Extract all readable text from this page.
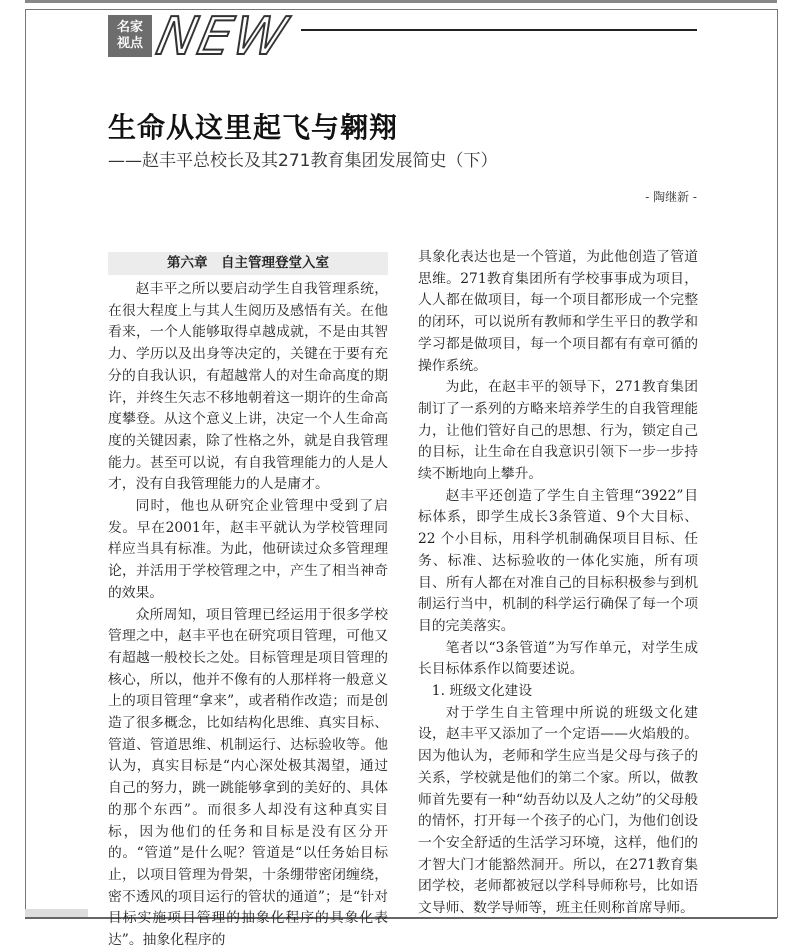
名家
视点 NEW
生命从这里起飞与翱翔
——赵丰平总校长及其271教育集团发展简史（下）
- 陶继新 -
第六章　自主管理登堂入室

赵丰平之所以要启动学生自我管理系统，在很大程度上与其人生阅历及感悟有关。在他看来，一个人能够取得卓越成就，不是由其智力、学历以及出身等决定的，关键在于要有充分的自我认识，有超越常人的对生命高度的期许，并终生矢志不移地朝着这一期许的生命高度攀登。从这个意义上讲，决定一个人生命高度的关键因素，除了性格之外，就是自我管理能力。甚至可以说，有自我管理能力的人是人才，没有自我管理能力的人是庸才。

同时，他也从研究企业管理中受到了启发。早在2001年，赵丰平就认为学校管理同样应当具有标准。为此，他研读过众多管理理论，并活用于学校管理之中，产生了相当神奇的效果。

众所周知，项目管理已经运用于很多学校管理之中，赵丰平也在研究项目管理，可他又有超越一般校长之处。目标管理是项目管理的核心，所以，他并不像有的人那样将一般意义上的项目管理“拿来”，或者稍作改造；而是创造了很多概念，比如结构化思维、真实目标、管道、管道思维、机制运行、达标验收等。他认为，真实目标是“内心深处极其渴望，通过自己的努力，跳一跳能够拿到的美好的、具体的那个东西”。而很多人却没有这种真实目标，因为他们的任务和目标是没有区分开的。“管道”是什么呢？管道是“以任务始目标止，以项目管理为骨架，十条绷带密闭缠绕，密不透风的项目运行的管状的通道”；是“针对目标实施项目管理的抽象化程序的具象化表达”。抽象化程序的

具象化表达也是一个管道，为此他创造了管道思维。271教育集团所有学校事事成为项目，人人都在做项目，每一个项目都形成一个完整的闭环，可以说所有教师和学生平日的教学和学习都是做项目，每一个项目都有有章可循的操作系统。

为此，在赵丰平的领导下，271教育集团制订了一系列的方略来培养学生的自我管理能力，让他们管好自己的思想、行为，锁定自己的目标，让生命在自我意识引领下一步一步持续不断地向上攀升。

赵丰平还创造了学生自主管理“3922”目标体系，即学生成长3条管道、9个大目标、22 个小目标，用科学机制确保项目目标、任务、标准、达标验收的一体化实施，所有项目、所有人都在对准自己的目标积极参与到机制运行当中，机制的科学运行确保了每一个项目的完美落实。

笔者以“3条管道”为写作单元，对学生成长目标体系作以简要述说。

1. 班级文化建设

对于学生自主管理中所说的班级文化建设，赵丰平又添加了一个定语——火焰般的。因为他认为，老师和学生应当是父母与孩子的关系，学校就是他们的第二个家。所以，做教师首先要有一种“幼吾幼以及人之幼”的父母般的情怀，打开每一个孩子的心门，为他们创设一个安全舒适的生活学习环境，这样，他们的才智大门才能豁然洞开。所以，在271教育集团学校，老师都被冠以学科导师称号，比如语文导师、数学导师等，班主任则称首席导师。
